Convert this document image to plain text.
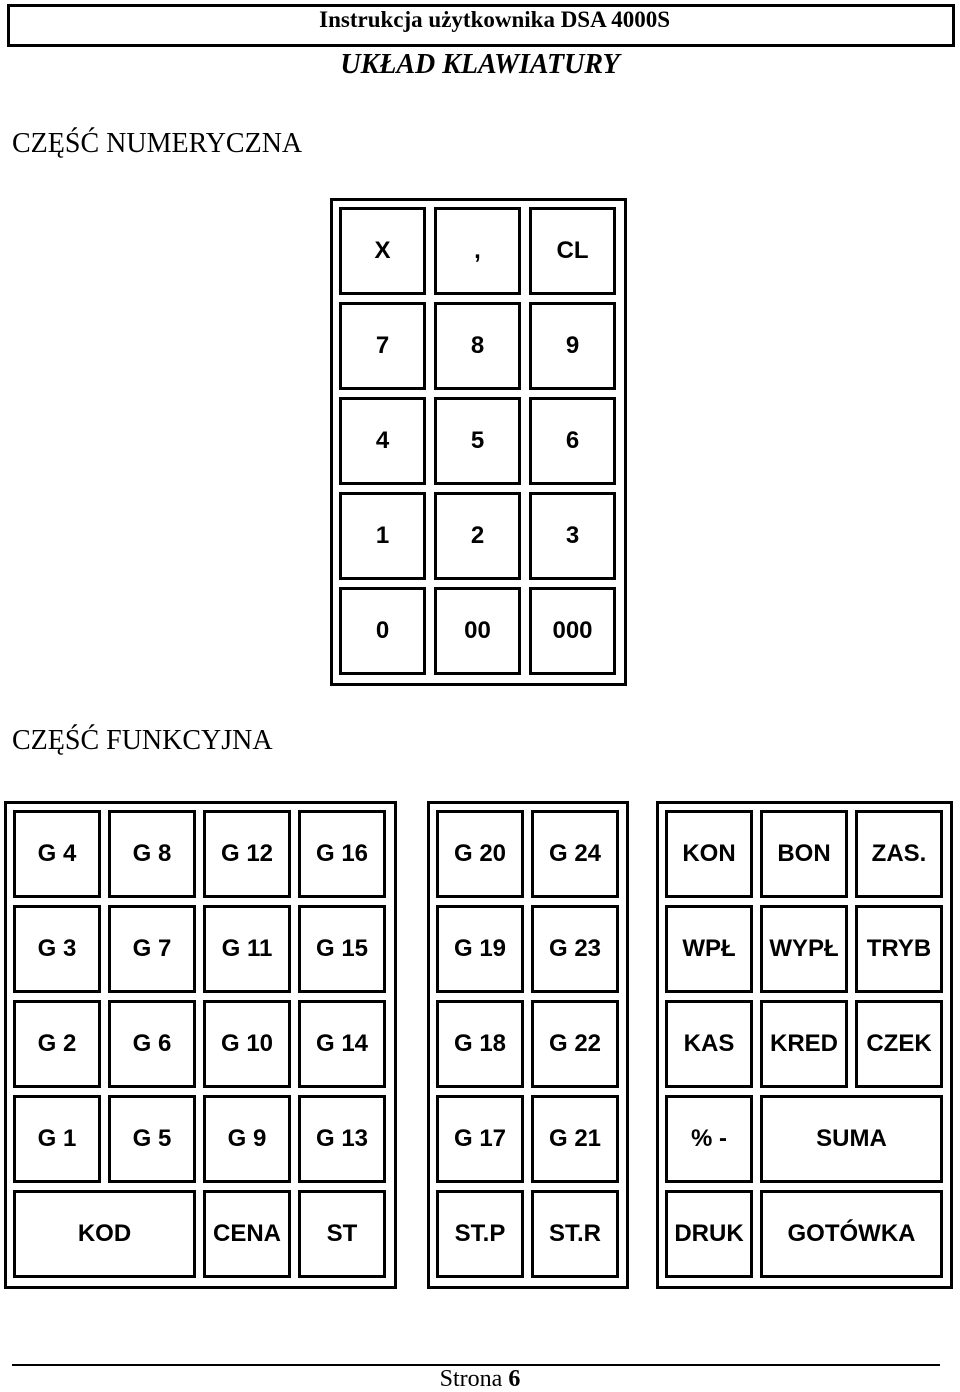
Instrukcja użytkownika DSA 4000S
UKŁAD KLAWIATURY
CZĘŚĆ NUMERYCZNA
X	,	CL
7	8	9
4	5	6
1	2	3
0	00	000
CZĘŚĆ FUNKCYJNA
G 4	G 8	G 12	G 16
G 3	G 7	G 11	G 15
G 2	G 6	G 10	G 14
G 1	G 5	G 9	G 13
KOD	CENA	ST
G 20	G 24
G 19	G 23
G 18	G 22
G 17	G 21
ST.P	ST.R
KON	BON	ZAS.
WPŁ	WYPŁ	TRYB
KAS	KRED	CZEK
% -	SUMA
DRUK	GOTÓWKA
Strona 6
